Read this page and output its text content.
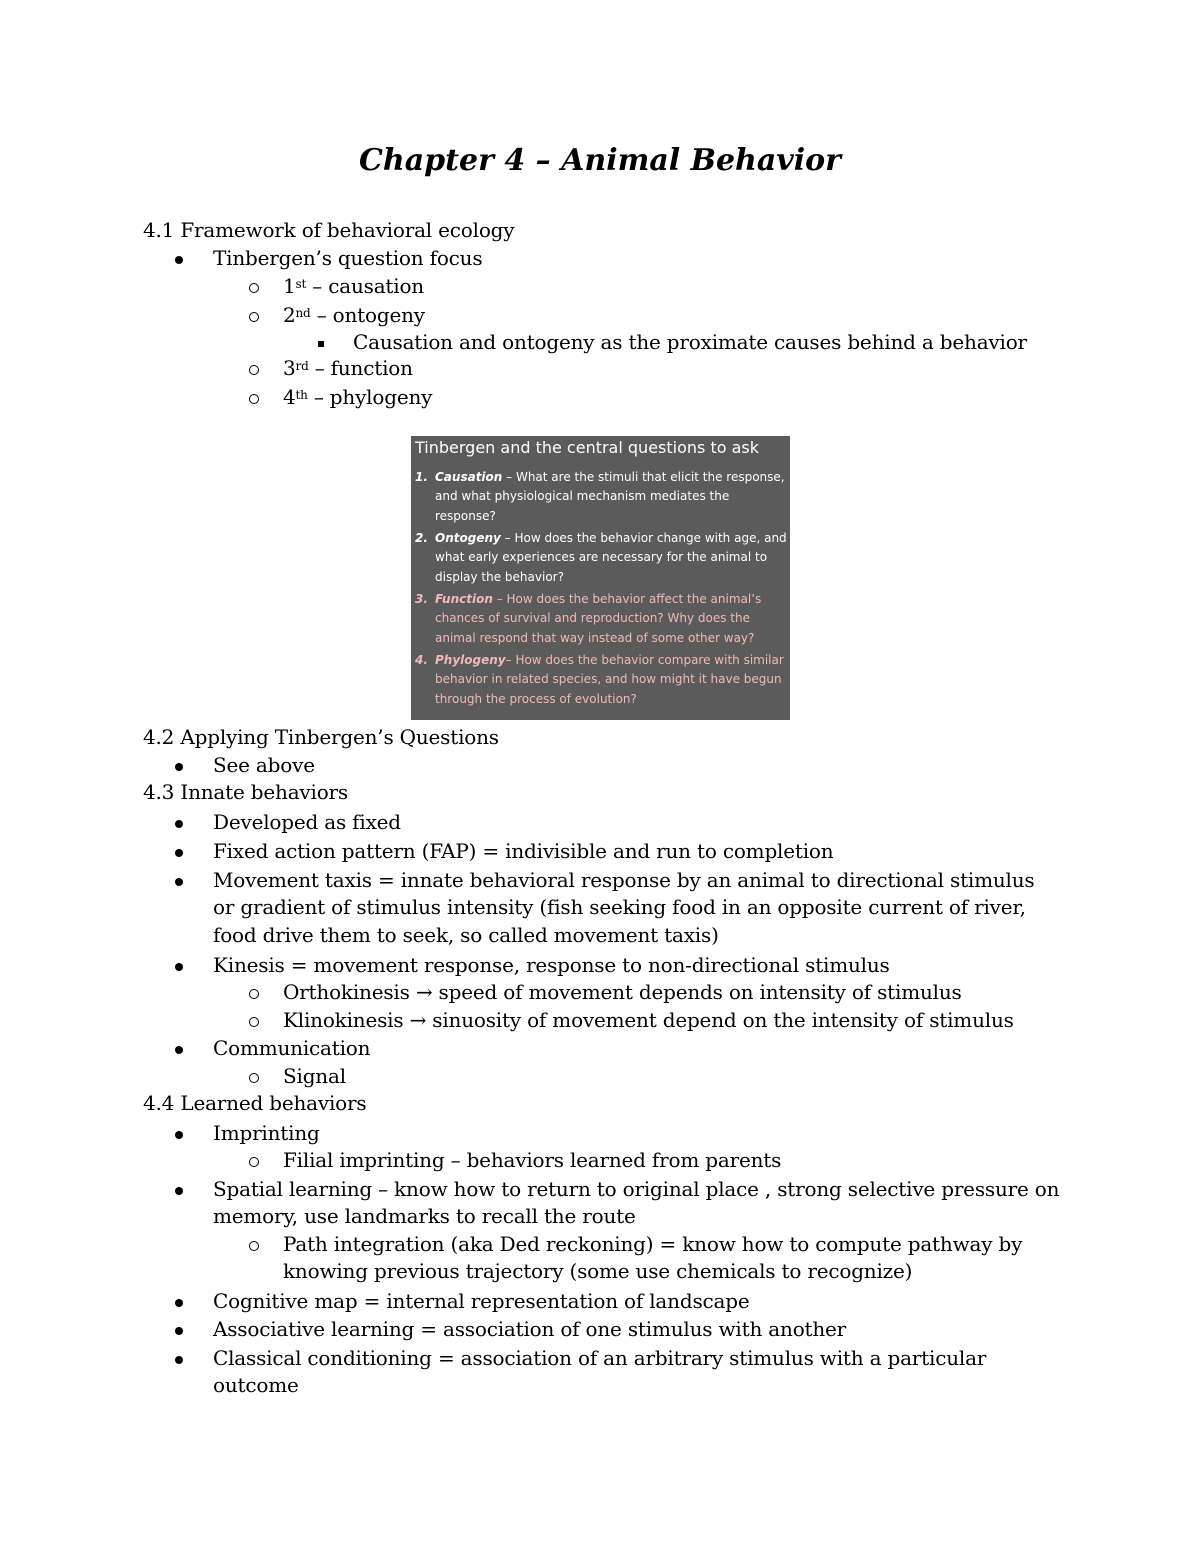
Chapter 4 – Animal Behavior
4.1 Framework of behavioral ecology
Tinbergen’s question focus
1st – causation
2nd – ontogeny
Causation and ontogeny as the proximate causes behind a behavior
3rd – function
4th – phylogeny
Tinbergen and the central questions to ask
1. Causation – What are the stimuli that elicit the response, and what physiological mechanism mediates the response?
2. Ontogeny – How does the behavior change with age, and what early experiences are necessary for the animal to display the behavior?
3. Function – How does the behavior affect the animal’s chances of survival and reproduction? Why does the animal respond that way instead of some other way?
4. Phylogeny– How does the behavior compare with similar behavior in related species, and how might it have begun through the process of evolution?
4.2 Applying Tinbergen’s Questions
See above
4.3 Innate behaviors
Developed as fixed
Fixed action pattern (FAP) = indivisible and run to completion
Movement taxis = innate behavioral response by an animal to directional stimulus
or gradient of stimulus intensity (fish seeking food in an opposite current of river,
food drive them to seek, so called movement taxis)
Kinesis = movement response, response to non-directional stimulus
Orthokinesis → speed of movement depends on intensity of stimulus
Klinokinesis → sinuosity of movement depend on the intensity of stimulus
Communication
Signal
4.4 Learned behaviors
Imprinting
Filial imprinting – behaviors learned from parents
Spatial learning – know how to return to original place , strong selective pressure on
memory, use landmarks to recall the route
Path integration (aka Ded reckoning) = know how to compute pathway by
knowing previous trajectory (some use chemicals to recognize)
Cognitive map = internal representation of landscape
Associative learning = association of one stimulus with another
Classical conditioning = association of an arbitrary stimulus with a particular
outcome
